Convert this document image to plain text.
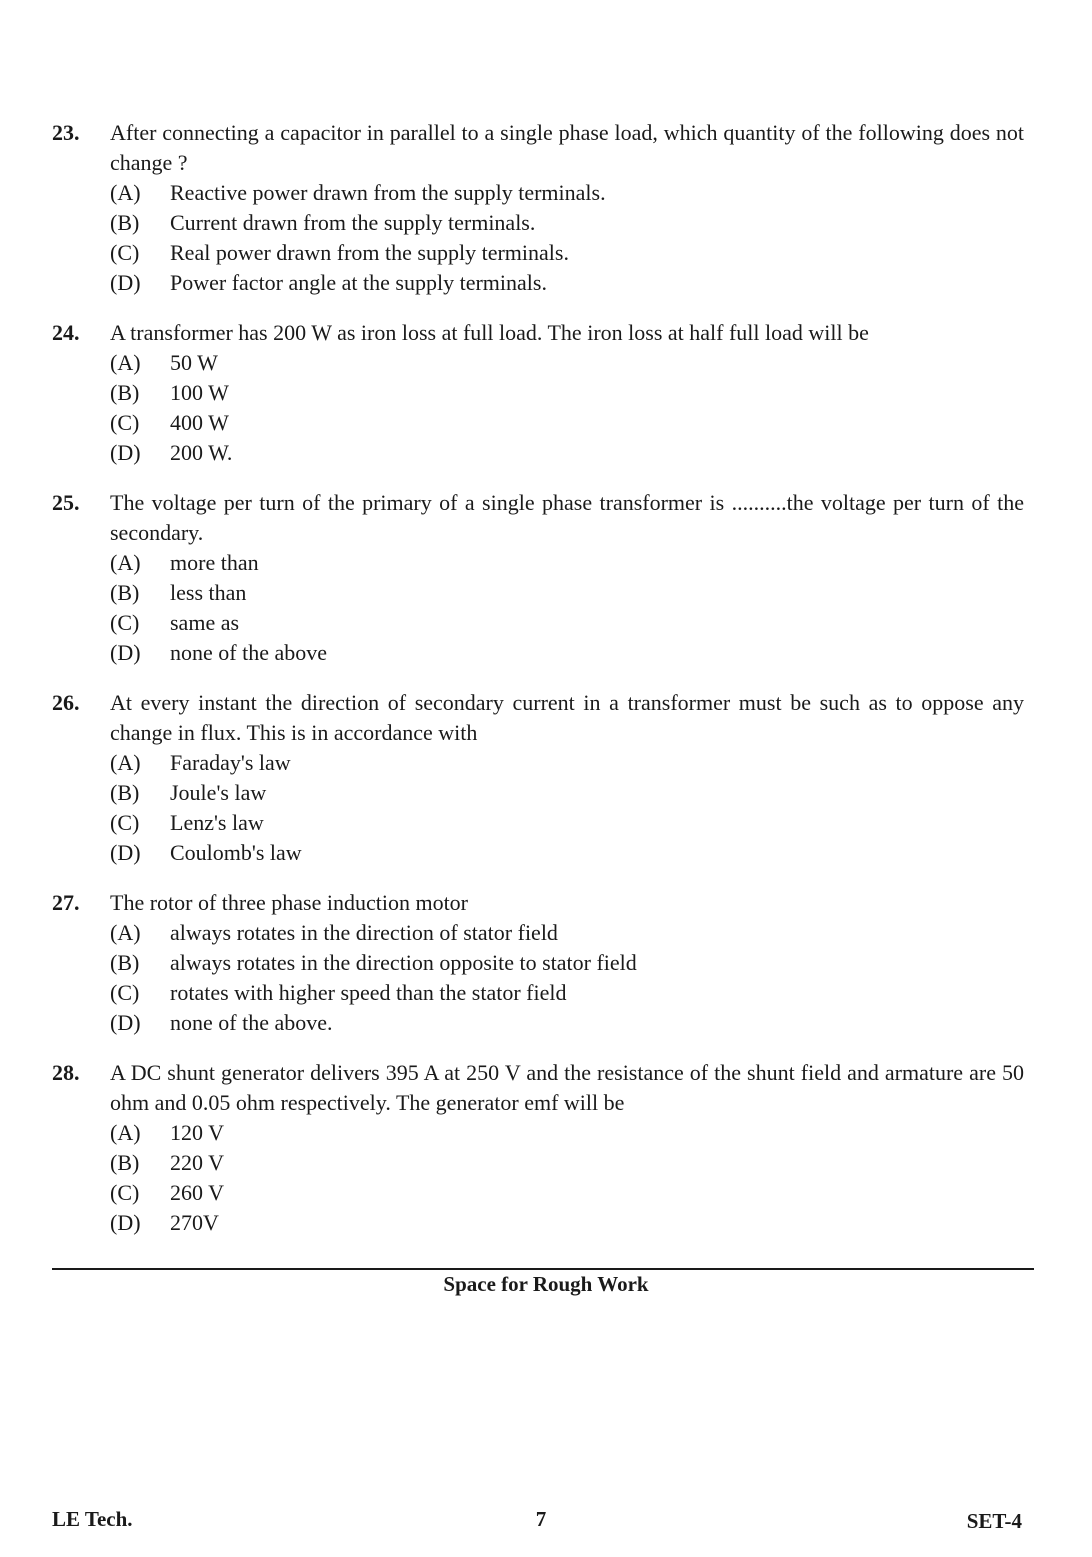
23.	After connecting a capacitor in parallel to a single phase load, which quantity of the following does not change ?
(A)	Reactive power drawn from the supply terminals.
(B)	Current drawn from the supply terminals.
(C)	Real power drawn from the supply terminals.
(D)	Power factor angle at the supply terminals.
24.	A transformer has 200 W as iron loss at full load. The iron loss at half full load will be
(A)	50 W
(B)	100 W
(C)	400 W
(D)	200 W.
25.	The voltage per turn of the primary of a single phase transformer is ..........the voltage per turn of the secondary.
(A)	more than
(B)	less than
(C)	same as
(D)	none of the above
26.	At every instant the direction of secondary current in a transformer must be such as to oppose any change in flux. This is in accordance with
(A)	Faraday's law
(B)	Joule's law
(C)	Lenz's law
(D)	Coulomb's law
27.	The rotor of three phase induction motor
(A)	always rotates in the direction of stator field
(B)	always rotates in the direction opposite to stator field
(C)	rotates with higher speed than the stator field
(D)	none of the above.
28.	A DC shunt generator delivers 395 A at 250 V and the resistance of the shunt field and armature are 50 ohm and 0.05 ohm respectively. The generator emf will be
(A)	120 V
(B)	220 V
(C)	260 V
(D)	270V
Space for Rough Work
LE Tech.	7	SET-4
